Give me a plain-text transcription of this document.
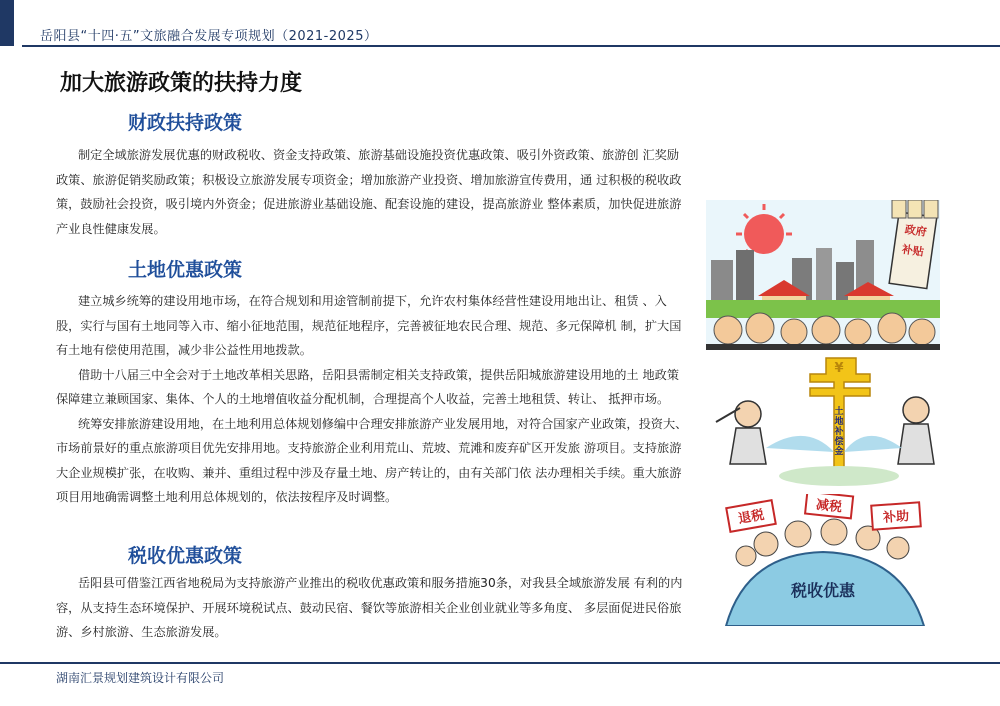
岳阳县“十四·五”文旅融合发展专项规划（2021-2025）
加大旅游政策的扶持力度
财政扶持政策

制定全域旅游发展优惠的财政税收、资金支持政策、旅游基础设施投资优惠政策、吸引外资政策、旅游创 汇奖励政策、旅游促销奖励政策；积极设立旅游发展专项资金；增加旅游产业投资、增加旅游宣传费用，通 过积极的税收政策，鼓励社会投资，吸引境内外资金；促进旅游业基础设施、配套设施的建设，提高旅游业 整体素质，加快促进旅游产业良性健康发展。

土地优惠政策

建立城乡统筹的建设用地市场，在符合规划和用途管制前提下，允许农村集体经营性建设用地出让、租赁 、入股，实行与国有土地同等入市、缩小征地范围，规范征地程序，完善被征地农民合理、规范、多元保障机 制，扩大国有土地有偿使用范围，减少非公益性用地拨款。

借助十八届三中全会对于土地改革相关思路，岳阳县需制定相关支持政策，提供岳阳城旅游建设用地的土 地政策保障建立兼顾国家、集体、个人的土地增值收益分配机制，合理提高个人收益，完善土地租赁、转让、 抵押市场。

统筹安排旅游建设用地，在土地利用总体规划修编中合理安排旅游产业发展用地，对符合国家产业政策，投资大、市场前景好的重点旅游项目优先安排用地。支持旅游企业利用荒山、荒坡、荒滩和废弃矿区开发旅 游项目。支持旅游大企业规模扩张，在收购、兼并、重组过程中涉及存量土地、房产转让的，由有关部门依 法办理相关手续。重大旅游项目用地确需调整土地利用总体规划的，依法按程序及时调整。

税收优惠政策

岳阳县可借鉴江西省地税局为支持旅游产业推出的税收优惠政策和服务措施30条，对我县全域旅游发展 有利的内容，从支持生态环境保护、开展环境税试点、鼓动民宿、餐饮等旅游相关企业创业就业等多角度、 多层面促进民俗旅游、乡村旅游、生态旅游发展。

政府
补贴
¥
土地补偿金
退税
减税
补助
税收优惠
湖南汇景规划建筑设计有限公司
